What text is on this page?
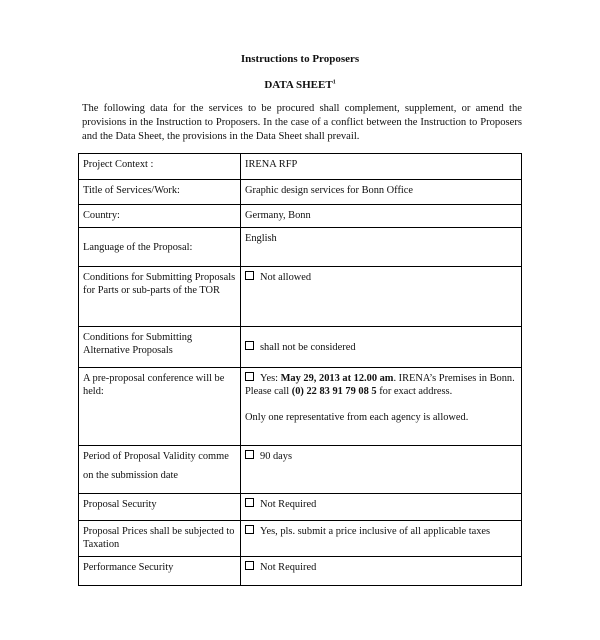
Instructions to Proposers
DATA SHEET$^1$
The following data for the services to be procured shall complement, supplement, or amend the provisions in the Instruction to Proposers. In the case of a conflict between the Instruction to Proposers and the Data Sheet, the provisions in the Data Sheet shall prevail.
Project Context :	IRENA RFP
Title of Services/Work:	Graphic design services for Bonn Office
Country:	Germany, Bonn
Language of the Proposal:	English
Conditions for Submitting Proposals for Parts or sub-parts of the TOR	Not allowed
Conditions for Submitting Alternative Proposals	shall not be considered
A pre-proposal conference will be held:	Yes: May 29, 2013 at 12.00 am. IRENA’s Premises in Bonn.
Please call (0) 22 83 91 79 08 5 for exact address.
Only one representative from each agency is allowed.
Period of Proposal Validity comme

on the submission date	90 days
Proposal Security	Not Required
Proposal Prices shall be subjected to Taxation	Yes, pls. submit a price inclusive of all applicable taxes
Performance Security	Not Required
